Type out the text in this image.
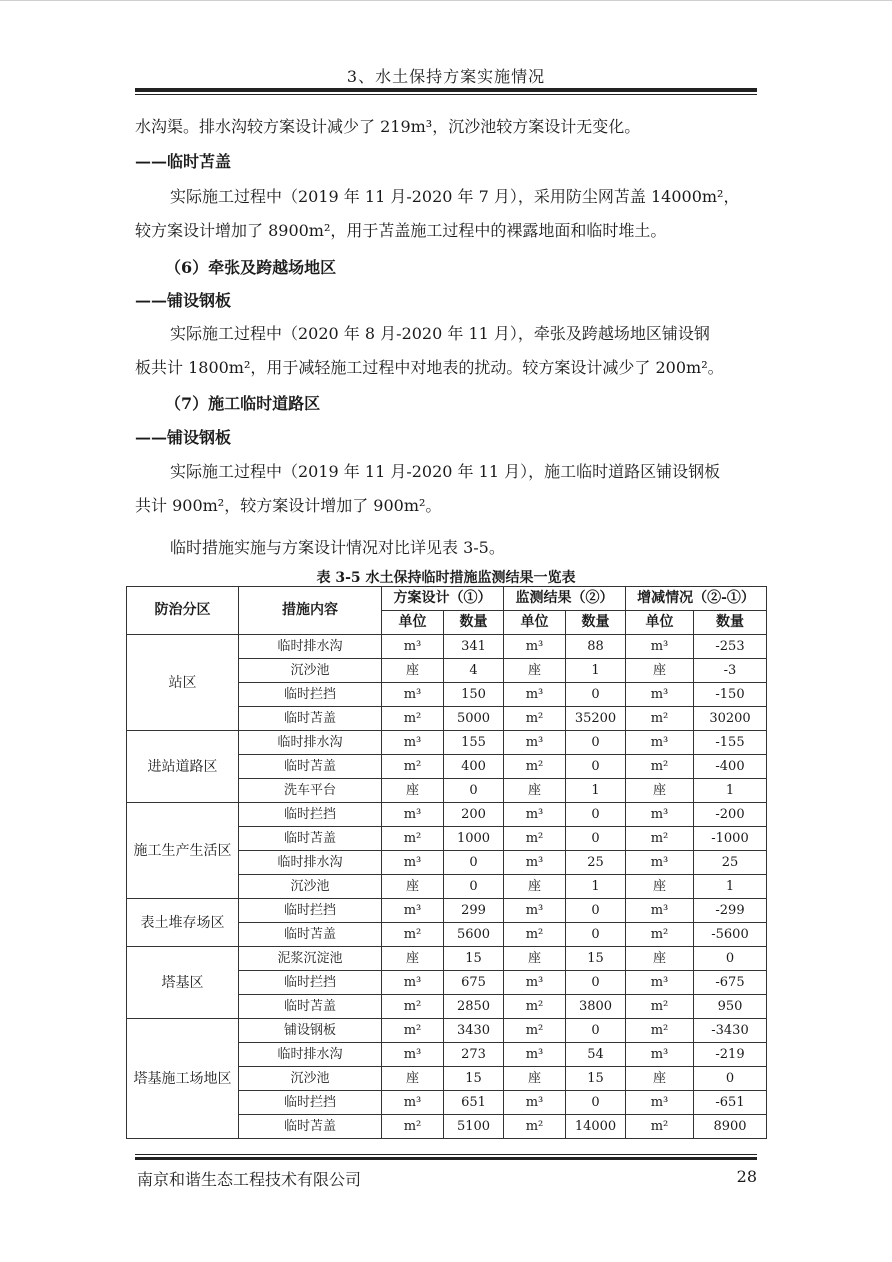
3、水土保持方案实施情况
水沟渠。排水沟较方案设计减少了 219m³，沉沙池较方案设计无变化。
——临时苫盖
实际施工过程中（2019 年 11 月-2020 年 7 月），采用防尘网苫盖 14000m²，
较方案设计增加了 8900m²，用于苫盖施工过程中的裸露地面和临时堆土。
（6）牵张及跨越场地区
——铺设钢板
实际施工过程中（2020 年 8 月-2020 年 11 月），牵张及跨越场地区铺设钢
板共计 1800m²，用于减轻施工过程中对地表的扰动。较方案设计减少了 200m²。
（7）施工临时道路区
——铺设钢板
实际施工过程中（2019 年 11 月-2020 年 11 月），施工临时道路区铺设钢板
共计 900m²，较方案设计增加了 900m²。
临时措施实施与方案设计情况对比详见表 3-5。
表 3-5 水土保持临时措施监测结果一览表
防治分区	措施内容	方案设计（①）		监测结果（②）		增减情况（②-①）	
		单位	数量	单位	数量	单位	数量
站区	临时排水沟	m³	341	m³	88	m³	-253
	沉沙池	座	4	座	1	座	-3
	临时拦挡	m³	150	m³	0	m³	-150
	临时苫盖	m²	5000	m²	35200	m²	30200
进站道路区	临时排水沟	m³	155	m³	0	m³	-155
	临时苫盖	m²	400	m²	0	m²	-400
	洗车平台	座	0	座	1	座	1
施工生产生活区	临时拦挡	m³	200	m³	0	m³	-200
	临时苫盖	m²	1000	m²	0	m²	-1000
	临时排水沟	m³	0	m³	25	m³	25
	沉沙池	座	0	座	1	座	1
表土堆存场区	临时拦挡	m³	299	m³	0	m³	-299
	临时苫盖	m²	5600	m²	0	m²	-5600
塔基区	泥浆沉淀池	座	15	座	15	座	0
	临时拦挡	m³	675	m³	0	m³	-675
	临时苫盖	m²	2850	m²	3800	m²	950
塔基施工场地区	铺设钢板	m²	3430	m²	0	m²	-3430
	临时排水沟	m³	273	m³	54	m³	-219
	沉沙池	座	15	座	15	座	0
	临时拦挡	m³	651	m³	0	m³	-651
	临时苫盖	m²	5100	m²	14000	m²	8900
南京和谐生态工程技术有限公司	28
